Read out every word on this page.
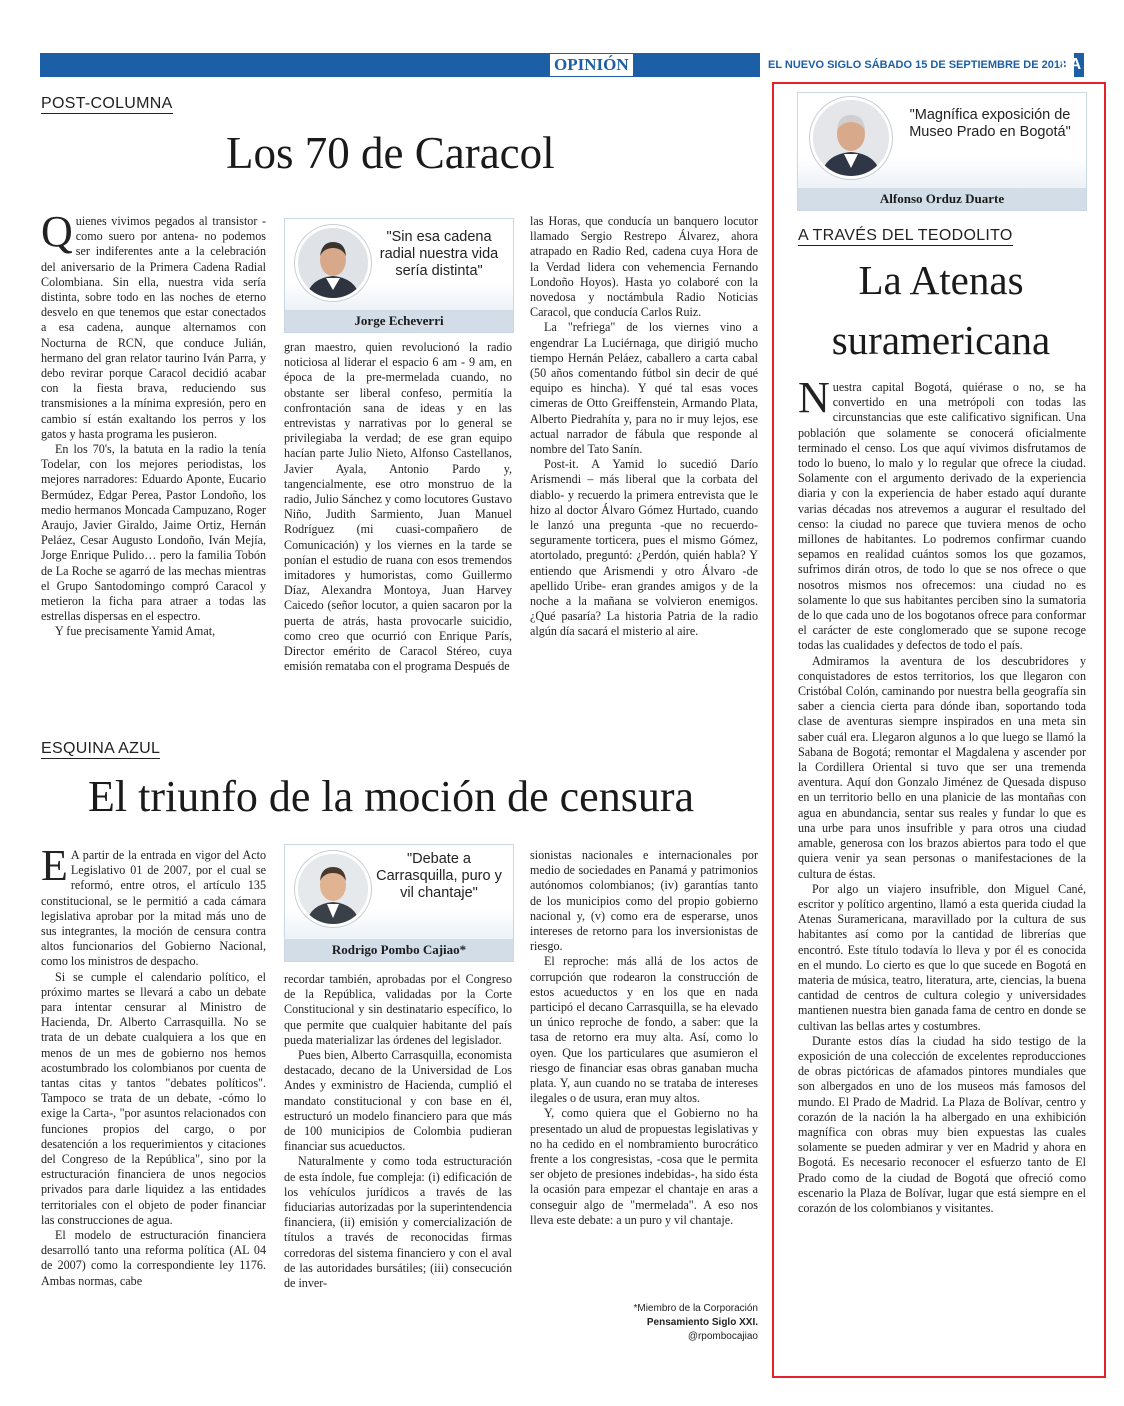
OPINIÓN	EL NUEVO SIGLO SÁBADO 15 DE SEPTIEMBRE DE 2018
9A
POST-COLUMNA
Los 70 de Caracol

Quienes vivimos pegados al transistor -como suero por antena- no podemos ser indiferentes ante a la celebración del aniversario de la Primera Cadena Radial Colombiana. Sin ella, nuestra vida sería distinta, sobre todo en las noches de eterno desvelo en que tenemos que estar conectados a esa cadena, aunque alternamos con Nocturna de RCN, que conduce Julián, hermano del gran relator taurino Iván Parra, y debo revirar porque Caracol decidió acabar con la fiesta brava, reduciendo sus transmisiones a la mínima expresión, pero en cambio sí están exaltando los perros y los gatos y hasta programa les pusieron.

En los 70's, la batuta en la radio la tenía Todelar, con los mejores periodistas, los mejores narradores: Eduardo Aponte, Eucario Bermúdez, Edgar Perea, Pastor Londoño, los medio hermanos Moncada Campuzano, Roger Araujo, Javier Giraldo, Jaime Ortiz, Hernán Peláez, Cesar Augusto Londoño, Iván Mejía, Jorge Enrique Pulido… pero la familia Tobón de La Roche se agarró de las mechas mientras el Grupo Santodomingo compró Caracol y metieron la ficha para atraer a todas las estrellas dispersas en el espectro.

Y fue precisamente Yamid Amat,

"Sin esa cadena radial nuestra vida sería distinta"
Jorge Echeverri

gran maestro, quien revolucionó la radio noticiosa al liderar el espacio 6 am - 9 am, en época de la pre-mermelada cuando, no obstante ser liberal confeso, permitía la confrontación sana de ideas y en las entrevistas y narrativas por lo general se privilegiaba la verdad; de ese gran equipo hacían parte Julio Nieto, Alfonso Castellanos, Javier Ayala, Antonio Pardo y, tangencialmente, ese otro monstruo de la radio, Julio Sánchez y como locutores Gustavo Niño, Judith Sarmiento, Juan Manuel Rodríguez (mi cuasi-compañero de Comunicación) y los viernes en la tarde se ponían el estudio de ruana con esos tremendos imitadores y humoristas, como Guillermo Díaz, Alexandra Montoya, Juan Harvey Caicedo (señor locutor, a quien sacaron por la puerta de atrás, hasta provocarle suicidio, como creo que ocurrió con Enrique París, Director emérito de Caracol Stéreo, cuya emisión remataba con el programa Después de

las Horas, que conducía un banquero locutor llamado Sergio Restrepo Álvarez, ahora atrapado en Radio Red, cadena cuya Hora de la Verdad lidera con vehemencia Fernando Londoño Hoyos). Hasta yo colaboré con la novedosa y noctámbula Radio Noticias Caracol, que conducía Carlos Ruiz.

La "refriega" de los viernes vino a engendrar La Luciérnaga, que dirigió mucho tiempo Hernán Peláez, caballero a carta cabal (50 años comentando fútbol sin decir de qué equipo es hincha). Y qué tal esas voces cimeras de Otto Greiffenstein, Armando Plata, Alberto Piedrahíta y, para no ir muy lejos, ese actual narrador de fábula que responde al nombre del Tato Sanín.

Post-it. A Yamid lo sucedió Darío Arismendi – más liberal que la corbata del diablo- y recuerdo la primera entrevista que le hizo al doctor Álvaro Gómez Hurtado, cuando le lanzó una pregunta -que no recuerdo- seguramente torticera, pues el mismo Gómez, atortolado, preguntó: ¿Perdón, quién habla? Y entiendo que Arismendi y otro Álvaro -de apellido Uribe- eran grandes amigos y de la noche a la mañana se volvieron enemigos. ¿Qué pasaría? La historia Patria de la radio algún día sacará el misterio al aire.

ESQUINA AZUL
El triunfo de la moción de censura

E A partir de la entrada en vigor del Acto Legislativo 01 de 2007, por el cual se reformó, entre otros, el artículo 135 constitucional, se le permitió a cada cámara legislativa aprobar por la mitad más uno de sus integrantes, la moción de censura contra altos funcionarios del Gobierno Nacional, como los ministros de despacho.

Si se cumple el calendario político, el próximo martes se llevará a cabo un debate para intentar censurar al Ministro de Hacienda, Dr. Alberto Carrasquilla. No se trata de un debate cualquiera a los que en menos de un mes de gobierno nos hemos acostumbrado los colombianos por cuenta de tantas citas y tantos "debates políticos". Tampoco se trata de un debate, -cómo lo exige la Carta-, "por asuntos relacionados con funciones propios del cargo, o por desatención a los requerimientos y citaciones del Congreso de la República", sino por la estructuración financiera de unos negocios privados para darle liquidez a las entidades territoriales con el objeto de poder financiar las construcciones de agua.

El modelo de estructuración financiera desarrolló tanto una reforma política (AL 04 de 2007) como la correspondiente ley 1176. Ambas normas, cabe

"Debate a Carrasquilla, puro y vil chantaje"
Rodrigo Pombo Cajiao*

recordar también, aprobadas por el Congreso de la República, validadas por la Corte Constitucional y sin destinatario específico, lo que permite que cualquier habitante del país pueda materializar las órdenes del legislador.

Pues bien, Alberto Carrasquilla, economista destacado, decano de la Universidad de Los Andes y exministro de Hacienda, cumplió el mandato constitucional y con base en él, estructuró un modelo financiero para que más de 100 municipios de Colombia pudieran financiar sus acueductos.

Naturalmente y como toda estructuración de esta índole, fue compleja: (i) edificación de los vehículos jurídicos a través de las fiduciarias autorizadas por la superintendencia financiera, (ii) emisión y comercialización de títulos a través de reconocidas firmas corredoras del sistema financiero y con el aval de las autoridades bursátiles; (iii) consecución de inver-

sionistas nacionales e internacionales por medio de sociedades en Panamá y patrimonios autónomos colombianos; (iv) garantías tanto de los municipios como del propio gobierno nacional y, (v) como era de esperarse, unos intereses de retorno para los inversionistas de riesgo.

El reproche: más allá de los actos de corrupción que rodearon la construcción de estos acueductos y en los que en nada participó el decano Carrasquilla, se ha elevado un único reproche de fondo, a saber: que la tasa de retorno era muy alta. Así, como lo oyen. Que los particulares que asumieron el riesgo de financiar esas obras ganaban mucha plata. Y, aun cuando no se trataba de intereses ilegales o de usura, eran muy altos.

Y, como quiera que el Gobierno no ha presentado un alud de propuestas legislativas y no ha cedido en el nombramiento burocrático frente a los congresistas, -cosa que le permita ser objeto de presiones indebidas-, ha sido ésta la ocasión para empezar el chantaje en aras a conseguir algo de "mermelada". A eso nos lleva este debate: a un puro y vil chantaje.

*Miembro de la Corporación
Pensamiento Siglo XXI.
@rpombocajiao
"Magnífica exposición de Museo Prado en Bogotá"
Alfonso Orduz Duarte
A TRAVÉS DEL TEODOLITO
La Atenas
suramericana

Nuestra capital Bogotá, quiérase o no, se ha convertido en una metrópoli con todas las circunstancias que este calificativo significan. Una población que solamente se conocerá oficialmente terminado el censo. Los que aquí vivimos disfrutamos de todo lo bueno, lo malo y lo regular que ofrece la ciudad. Solamente con el argumento derivado de la experiencia diaria y con la experiencia de haber estado aquí durante varias décadas nos atrevemos a augurar el resultado del censo: la ciudad no parece que tuviera menos de ocho millones de habitantes. Lo podremos confirmar cuando sepamos en realidad cuántos somos los que gozamos, sufrimos dirán otros, de todo lo que se nos ofrece o que nosotros mismos nos ofrecemos: una ciudad no es solamente lo que sus habitantes perciben sino la sumatoria de lo que cada uno de los bogotanos ofrece para conformar el carácter de este conglomerado que se supone recoge todas las cualidades y defectos de todo el país.

Admiramos la aventura de los descubridores y conquistadores de estos territorios, los que llegaron con Cristóbal Colón, caminando por nuestra bella geografía sin saber a ciencia cierta para dónde iban, soportando toda clase de aventuras siempre inspirados en una meta sin saber cuál era. Llegaron algunos a lo que luego se llamó la Sabana de Bogotá; remontar el Magdalena y ascender por la Cordillera Oriental si tuvo que ser una tremenda aventura. Aquí don Gonzalo Jiménez de Quesada dispuso en un territorio bello en una planicie de las montañas con agua en abundancia, sentar sus reales y fundar lo que es una urbe para unos insufrible y para otros una ciudad amable, generosa con los brazos abiertos para todo el que quiera venir ya sean personas o manifestaciones de la cultura de éstas.

Por algo un viajero insufrible, don Miguel Cané, escritor y político argentino, llamó a esta querida ciudad la Atenas Suramericana, maravillado por la cultura de sus habitantes así como por la cantidad de librerías que encontró. Este título todavía lo lleva y por él es conocida en el mundo. Lo cierto es que lo que sucede en Bogotá en materia de música, teatro, literatura, arte, ciencias, la buena cantidad de centros de cultura colegio y universidades mantienen nuestra bien ganada fama de centro en donde se cultivan las bellas artes y costumbres.

Durante estos días la ciudad ha sido testigo de la exposición de una colección de excelentes reproducciones de obras pictóricas de afamados pintores mundiales que son albergados en uno de los museos más famosos del mundo. El Prado de Madrid. La Plaza de Bolívar, centro y corazón de la nación la ha albergado en una exhibición magnífica con obras muy bien expuestas las cuales solamente se pueden admirar y ver en Madrid y ahora en Bogotá. Es necesario reconocer el esfuerzo tanto de El Prado como de la ciudad de Bogotá que ofreció como escenario la Plaza de Bolívar, lugar que está siempre en el corazón de los colombianos y visitantes.
